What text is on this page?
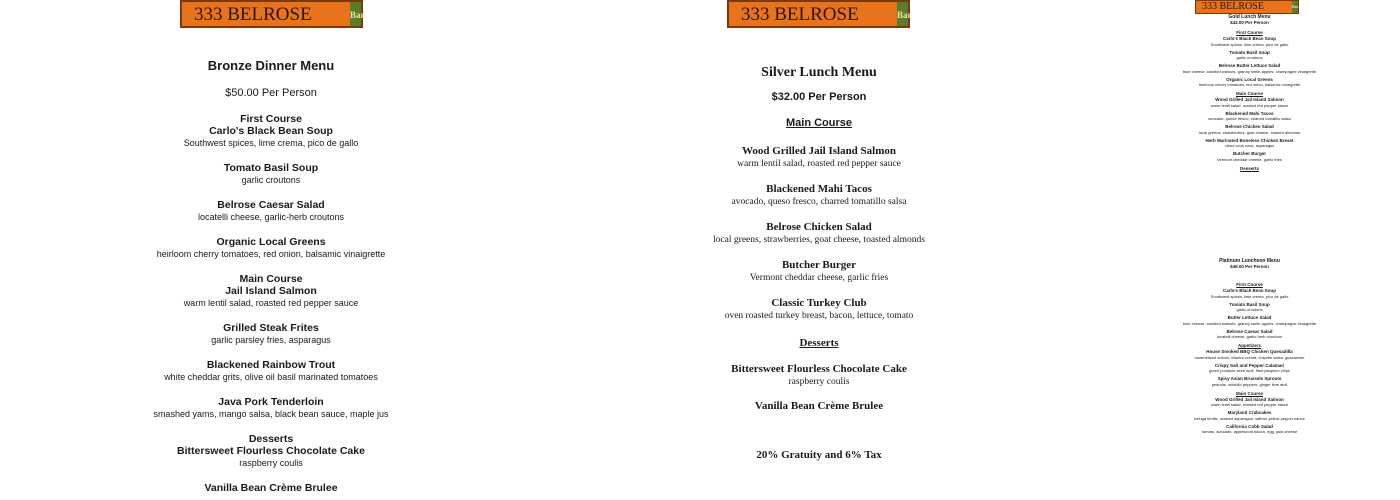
333 BELROSE	Bar	333 BELROSE	Bar
333 BELROSE	Bar

Bronze Dinner Menu

$50.00 Per Person

First Course

Carlo's Black Bean Soup

Southwest spices, lime crema, pico de gallo

Tomato Basil Soup

garlic croutons

Belrose Caesar Salad

locatelli cheese, garlic-herb croutons

Organic Local Greens

heirloom cherry tomatoes, red onion, balsamic vinaigrette

Main Course

Jail Island Salmon

warm lentil salad, roasted red pepper sauce

Grilled Steak Frites

garlic parsley fries, asparagus

Blackened Rainbow Trout

white cheddar grits, olive oil basil marinated tomatoes

Java Pork Tenderloin

smashed yams, mango salsa, black bean sauce, maple jus

Desserts

Bittersweet Flourless Chocolate Cake

raspberry coulis

Vanilla Bean Crème Brulee

Silver Lunch Menu

$32.00 Per Person

Main Course

Wood Grilled Jail Island Salmon

warm lentil salad, roasted red pepper sauce

Blackened Mahi Tacos

avocado, queso fresco, charred tomatillo salsa

Belrose Chicken Salad

local greens, strawberries, goat cheese, toasted almonds

Butcher Burger

Vermont cheddar cheese, garlic fries

Classic Turkey Club

oven roasted turkey breast, bacon, lettuce, tomato

Desserts

Bittersweet Flourless Chocolate Cake

raspberry coulis

Vanilla Bean Crème Brulee

20% Gratuity and 6% Tax

Gold Lunch Menu

$42.00 Per Person

First Course

Carlo's Black Bean Soup

Southwest spices, lime crema, pico de gallo

Tomato Basil Soup

garlic croutons

Belrose Butter Lettuce Salad

blue cheese, candied walnuts, granny smith apples, champagne vinaigrette

Organic Local Greens

heirloom cherry tomatoes, red onion, balsamic vinaigrette

Main Course

Wood Grilled Jail Island Salmon

warm lentil salad, roasted red pepper sauce

Blackened Mahi Tacos

avocado, queso fresco, charred tomatillo salsa

Belrose Chicken Salad

local greens, strawberries, goat cheese, toasted almonds

Herb Marinated Boneless Chicken Breast

citrus cous cous, asparagus

Butcher Burger

Vermont cheddar cheese, garlic fries

Desserts

Platinum Luncheon Menu

$49.00 Per Person

First Course

Carlo's Black Bean Soup

Southwest spices, lime crema, pico de gallo

Tomato Basil Soup

garlic croutons

Butter Lettuce Salad

blue cheese, candied walnuts, granny smith apples, champagne vinaigrette

Belrose Caesar Salad

locatelli cheese, garlic-herb croutons

Appetizers

House Smoked BBQ Chicken Quesadilla

caramelized onions, cilantro crema, chipotle salsa, guacamole

Crispy Salt and Pepper Calamari

green pumpkin seed aioli, fried jalapeno chips

Spicy Asian Brussels Sprouts

peanuts, shishito peppers, ginger lime aioli

Main Course

Wood Grilled Jail Island Salmon

warm lentil salad, roasted red pepper sauce

Maryland Crabcakes

beluga lentils, roasted asparagus, saffron yellow pepper sauce

California Cobb Salad

tomato, avocado, applewood bacon, egg, jack cheese
